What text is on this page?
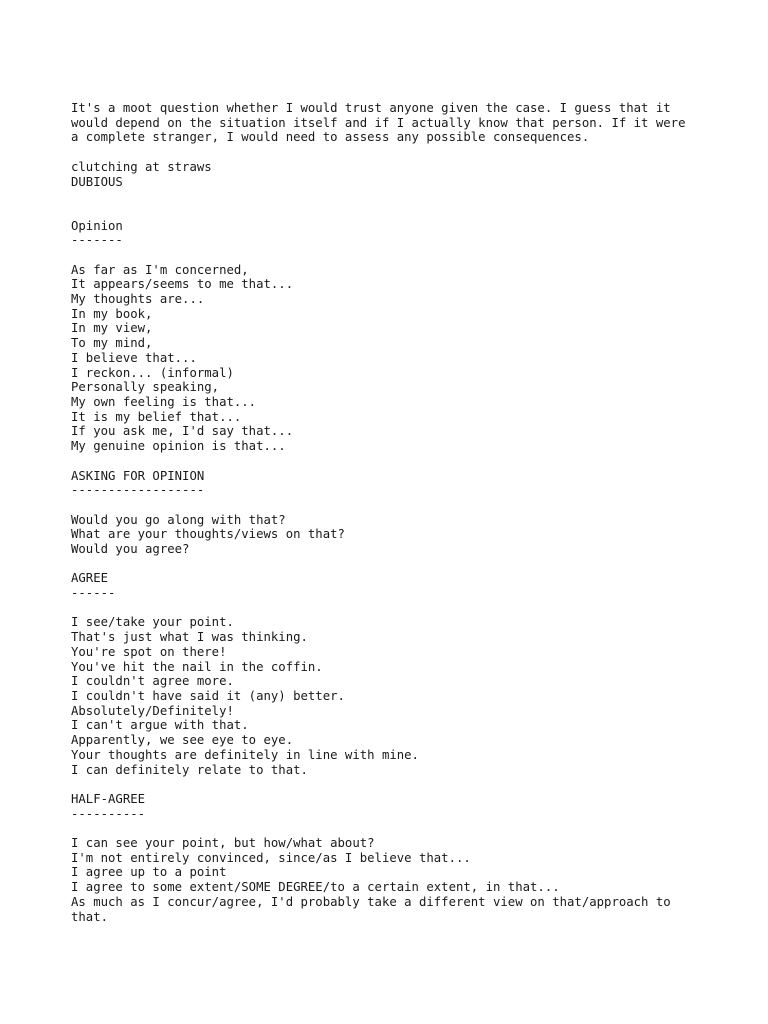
It's a moot question whether I would trust anyone given the case. I guess that it
would depend on the situation itself and if I actually know that person. If it were
a complete stranger, I would need to assess any possible consequences.
clutching at straws
DUBIOUS
Opinion
-------
As far as I'm concerned,
It appears/seems to me that...
My thoughts are...
In my book,
In my view,
To my mind,
I believe that...
I reckon... (informal)
Personally speaking,
My own feeling is that...
It is my belief that...
If you ask me, I'd say that...
My genuine opinion is that...
ASKING FOR OPINION
------------------
Would you go along with that?
What are your thoughts/views on that?
Would you agree?
AGREE
------
I see/take your point.
That's just what I was thinking.
You're spot on there!
You've hit the nail in the coffin.
I couldn't agree more.
I couldn't have said it (any) better.
Absolutely/Definitely!
I can't argue with that.
Apparently, we see eye to eye.
Your thoughts are definitely in line with mine.
I can definitely relate to that.
HALF-AGREE
----------
I can see your point, but how/what about?
I'm not entirely convinced, since/as I believe that...
I agree up to a point
I agree to some extent/SOME DEGREE/to a certain extent, in that...
As much as I concur/agree, I'd probably take a different view on that/approach to
that.
